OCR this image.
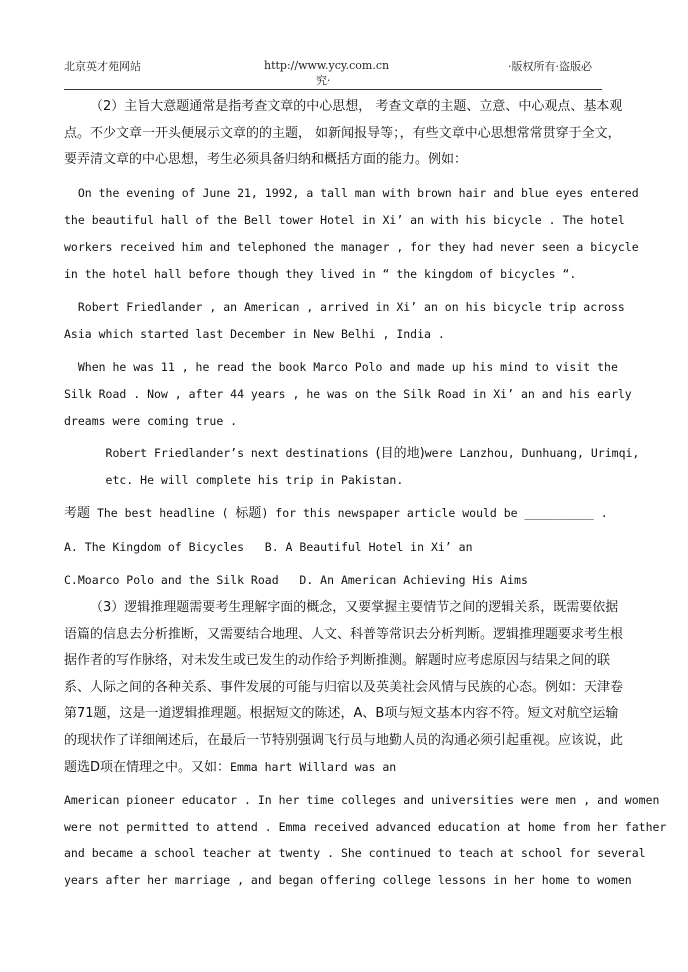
北京英才苑网站	http://www.ycy.com.cn
究·
·版权所有·盗版必

（2）主旨大意题通常是指考查文章的中心思想， 考查文章的主题、立意、中心观点、基本观点。不少文章一开头便展示文章的的主题， 如新闻报导等；，有些文章中心思想常常贯穿于全文， 要弄清文章的中心思想，考生必须具备归纳和概括方面的能力。例如：

On the evening of June 21, 1992, a tall man with brown hair and blue eyes entered
the beautiful hall of the Bell tower Hotel in Xi’ an with his bicycle . The hotel
workers received him and telephoned the manager , for they had never seen a bicycle
in the hotel hall before though they lived in “ the kingdom of bicycles “.
Robert Friedlander , an American , arrived in Xi’ an on his bicycle trip across
Asia which started last December in New Belhi , India .
When he was 11 , he read the book Marco Polo and made up his mind to visit the
Silk Road . Now , after 44 years , he was on the Silk Road in Xi’ an and his early
dreams were coming true .
Robert Friedlander’s next destinations (目的地)were Lanzhou, Dunhuang, Urimqi,
etc. He will complete his trip in Pakistan.
考题 The best headline ( 标题) for this newspaper article would be __________ .
A. The Kingdom of Bicycles   B. A Beautiful Hotel in Xi’ an
C.Moarco Polo and the Silk Road   D. An American Achieving His Aims

（3）逻辑推理题需要考生理解字面的概念，又要掌握主要情节之间的逻辑关系，既需要依据语篇的信息去分析推断，又需要结合地理、人文、科普等常识去分析判断。逻辑推理题要求考生根据作者的写作脉络，对未发生或已发生的动作给予判断推测。解题时应考虑原因与结果之间的联系、人际之间的各种关系、事件发展的可能与归宿以及英美社会风情与民族的心态。例如：天津卷第71题，这是一道逻辑推理题。根据短文的陈述，A、B项与短文基本内容不符。短文对航空运输的现状作了详细阐述后，在最后一节特别强调飞行员与地勤人员的沟通必须引起重视。应该说，此题选D项在情理之中。又如：Emma hart Willard was an

American pioneer educator . In her time colleges and universities were men , and women
were not permitted to attend . Emma received advanced education at home from her father
and became a school teacher at twenty . She continued to teach at school for several
years after her marriage , and began offering college lessons in her home to women
